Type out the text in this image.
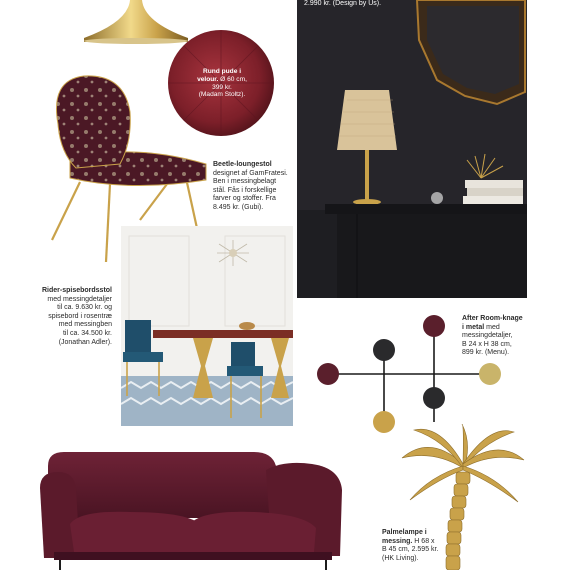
Rund pude i
velour. Ø 60 cm,
399 kr.
(Madam Stoltz).
Beetle-loungestol
designet af GamFratesi.
Ben i messingbelagt
stål. Fås i forskellige
farver og stoffer. Fra
8.495 kr. (Gubi).
2.990 kr. (Design by Us).
Rider-spisebordsstol
med messingdetaljer
til ca. 9.630 kr. og
spisebord i rosentræ
med messingben
til ca. 34.500 kr.
(Jonathan Adler).
After Room-knage
i metal med
messingdetaljer,
B 24 x H 38 cm,
899 kr. (Menu).
Palmelampe i
messing. H 68 x
B 45 cm, 2.595 kr.
(HK Living).
